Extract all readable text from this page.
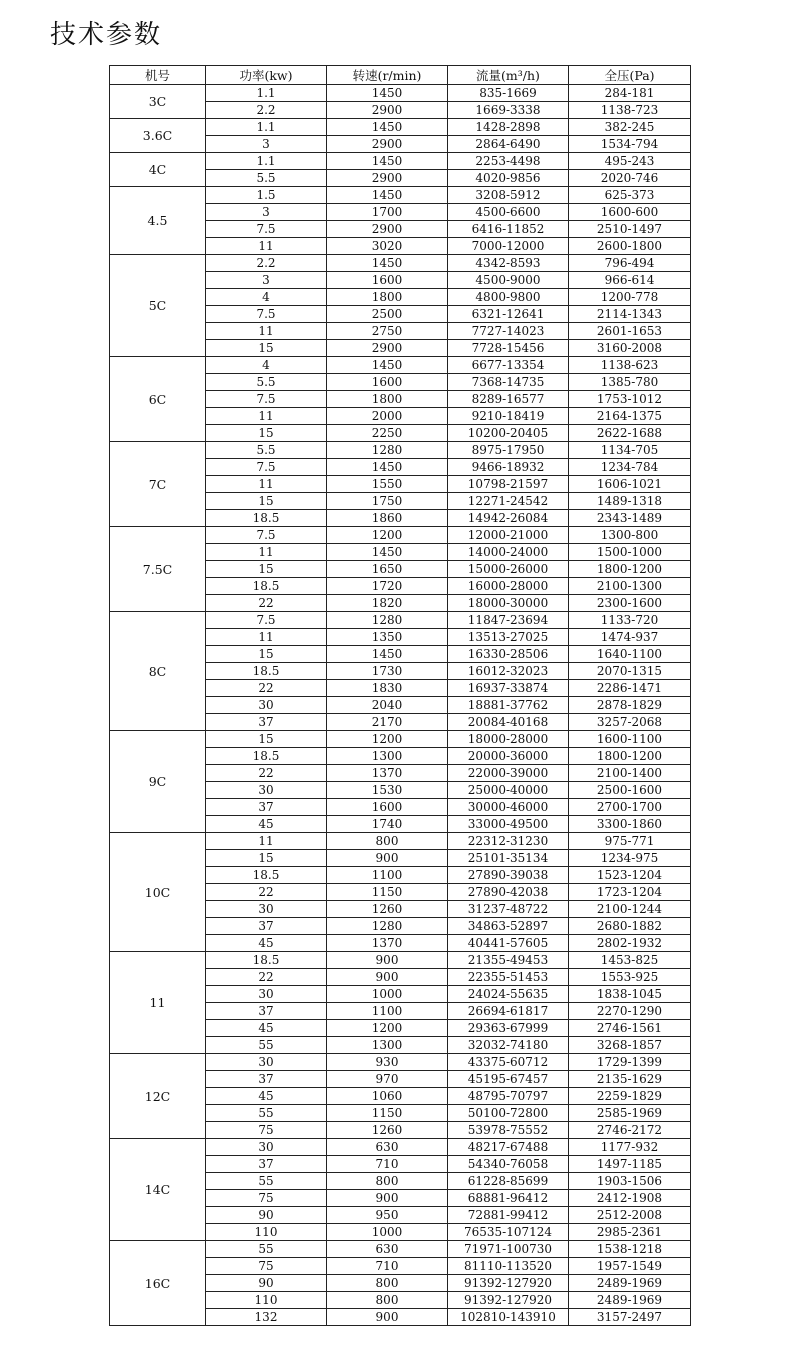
技术参数
机号	功率(kw)	转速(r/min)	流量(m³/h)	全压(Pa)
3C	1.1	1450	835-1669	284-181
	2.2	2900	1669-3338	1138-723
3.6C	1.1	1450	1428-2898	382-245
	3	2900	2864-6490	1534-794
4C	1.1	1450	2253-4498	495-243
	5.5	2900	4020-9856	2020-746
4.5	1.5	1450	3208-5912	625-373
	3	1700	4500-6600	1600-600
	7.5	2900	6416-11852	2510-1497
	11	3020	7000-12000	2600-1800
5C	2.2	1450	4342-8593	796-494
	3	1600	4500-9000	966-614
	4	1800	4800-9800	1200-778
	7.5	2500	6321-12641	2114-1343
	11	2750	7727-14023	2601-1653
	15	2900	7728-15456	3160-2008
6C	4	1450	6677-13354	1138-623
	5.5	1600	7368-14735	1385-780
	7.5	1800	8289-16577	1753-1012
	11	2000	9210-18419	2164-1375
	15	2250	10200-20405	2622-1688
7C	5.5	1280	8975-17950	1134-705
	7.5	1450	9466-18932	1234-784
	11	1550	10798-21597	1606-1021
	15	1750	12271-24542	1489-1318
	18.5	1860	14942-26084	2343-1489
7.5C	7.5	1200	12000-21000	1300-800
	11	1450	14000-24000	1500-1000
	15	1650	15000-26000	1800-1200
	18.5	1720	16000-28000	2100-1300
	22	1820	18000-30000	2300-1600
8C	7.5	1280	11847-23694	1133-720
	11	1350	13513-27025	1474-937
	15	1450	16330-28506	1640-1100
	18.5	1730	16012-32023	2070-1315
	22	1830	16937-33874	2286-1471
	30	2040	18881-37762	2878-1829
	37	2170	20084-40168	3257-2068
9C	15	1200	18000-28000	1600-1100
	18.5	1300	20000-36000	1800-1200
	22	1370	22000-39000	2100-1400
	30	1530	25000-40000	2500-1600
	37	1600	30000-46000	2700-1700
	45	1740	33000-49500	3300-1860
10C	11	800	22312-31230	975-771
	15	900	25101-35134	1234-975
	18.5	1100	27890-39038	1523-1204
	22	1150	27890-42038	1723-1204
	30	1260	31237-48722	2100-1244
	37	1280	34863-52897	2680-1882
	45	1370	40441-57605	2802-1932
11	18.5	900	21355-49453	1453-825
	22	900	22355-51453	1553-925
	30	1000	24024-55635	1838-1045
	37	1100	26694-61817	2270-1290
	45	1200	29363-67999	2746-1561
	55	1300	32032-74180	3268-1857
12C	30	930	43375-60712	1729-1399
	37	970	45195-67457	2135-1629
	45	1060	48795-70797	2259-1829
	55	1150	50100-72800	2585-1969
	75	1260	53978-75552	2746-2172
14C	30	630	48217-67488	1177-932
	37	710	54340-76058	1497-1185
	55	800	61228-85699	1903-1506
	75	900	68881-96412	2412-1908
	90	950	72881-99412	2512-2008
	110	1000	76535-107124	2985-2361
16C	55	630	71971-100730	1538-1218
	75	710	81110-113520	1957-1549
	90	800	91392-127920	2489-1969
	110	800	91392-127920	2489-1969
	132	900	102810-143910	3157-2497
